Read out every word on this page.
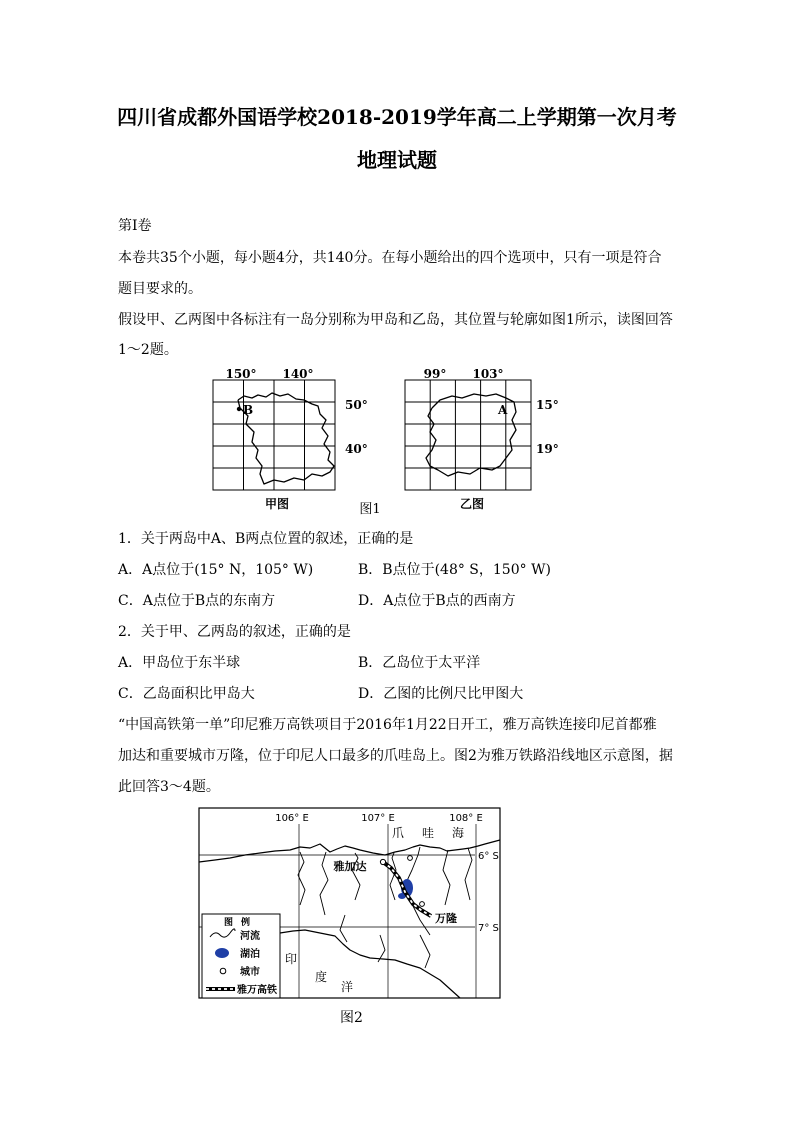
四川省成都外国语学校2018-2019学年高二上学期第一次月考
地理试题
第Ⅰ卷
本卷共35个小题，每小题4分，共140分。在每小题给出的四个选项中，只有一项是符合
题目要求的。
假设甲、乙两图中各标注有一岛分别称为甲岛和乙岛，其位置与轮廓如图1所示，读图回答
1～2题。
B
150° 140°
50°
40°
甲图
A
99° 103°
15°
19°
乙图
图1
1．关于两岛中A、B两点位置的叙述，正确的是
A．A点位于(15° N，105° W)	B．B点位于(48° S，150° W)
C．A点位于B点的东南方	D．A点位于B点的西南方
2．关于甲、乙两岛的叙述，正确的是
A．甲岛位于东半球	B．乙岛位于太平洋
C．乙岛面积比甲岛大	D．乙图的比例尺比甲图大
“中国高铁第一单”印尼雅万高铁项目于2016年1月22日开工，雅万高铁连接印尼首都雅
加达和重要城市万隆，位于印尼人口最多的爪哇岛上。图2为雅万铁路沿线地区示意图，据
此回答3～4题。
106° E	107° E	108° E
6° S
7° S
爪哇海
雅加达
万隆
印
度
洋
图例
河流
湖泊
城市
雅万高铁
图2
